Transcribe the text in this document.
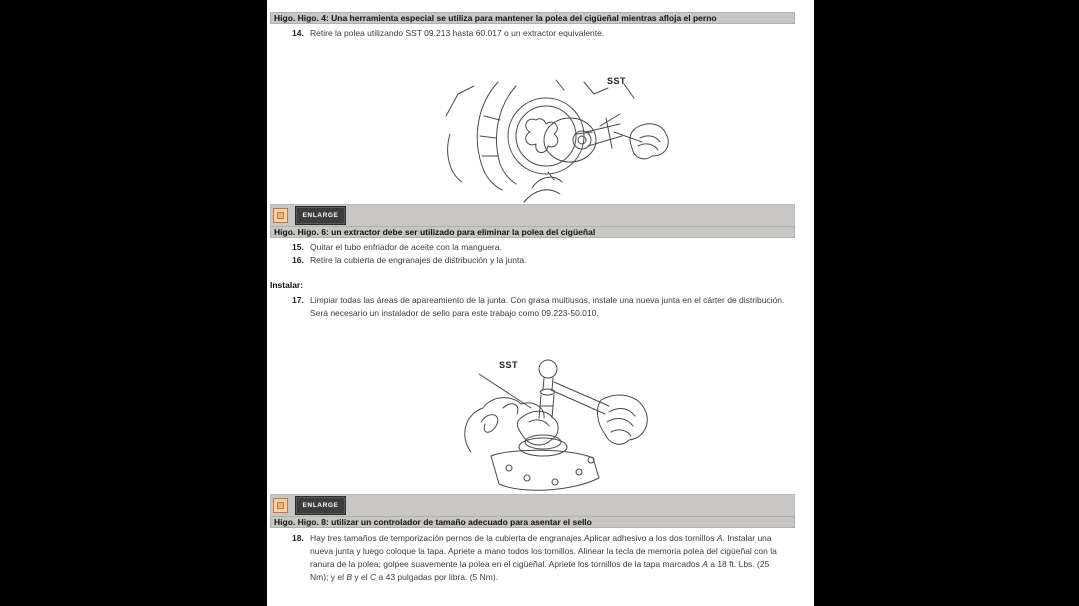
Higo. Higo. 4: Una herramienta especial se utiliza para mantener la polea del cigüeñal mientras afloja el perno
14. Retire la polea utilizando SST 09.213 hasta 60.017 o un extractor equivalente.
SST
ENLARGE
Higo. Higo. 6: un extractor debe ser utilizado para eliminar la polea del cigüeñal
15. Quitar el tubo enfriador de aceite con la manguera.
16. Retire la cubierta de engranajes de distribución y la junta.
Instalar:
17. Limpiar todas las áreas de apareamiento de la junta. Con grasa multiusos, instale una nueva junta en el cárter de distribución. Será necesario un instalador de sello para este trabajo como 09.223-50.010.
SST
ENLARGE
Higo. Higo. 8: utilizar un controlador de tamaño adecuado para asentar el sello
18. Hay tres tamaños de temporización pernos de la cubierta de engranajes.Aplicar adhesivo a los dos tornillos A. Instalar una nueva junta y luego coloque la tapa. Apriete a mano todos los tornillos. Alinear la tecla de memoria polea del cigüeñal con la ranura de la polea; golpee suavemente la polea en el cigüeñal. Apriete los tornillos de la tapa marcados A a 18 ft. Lbs. (25 Nm); y el B y el C a 43 pulgadas por libra. (5 Nm).
